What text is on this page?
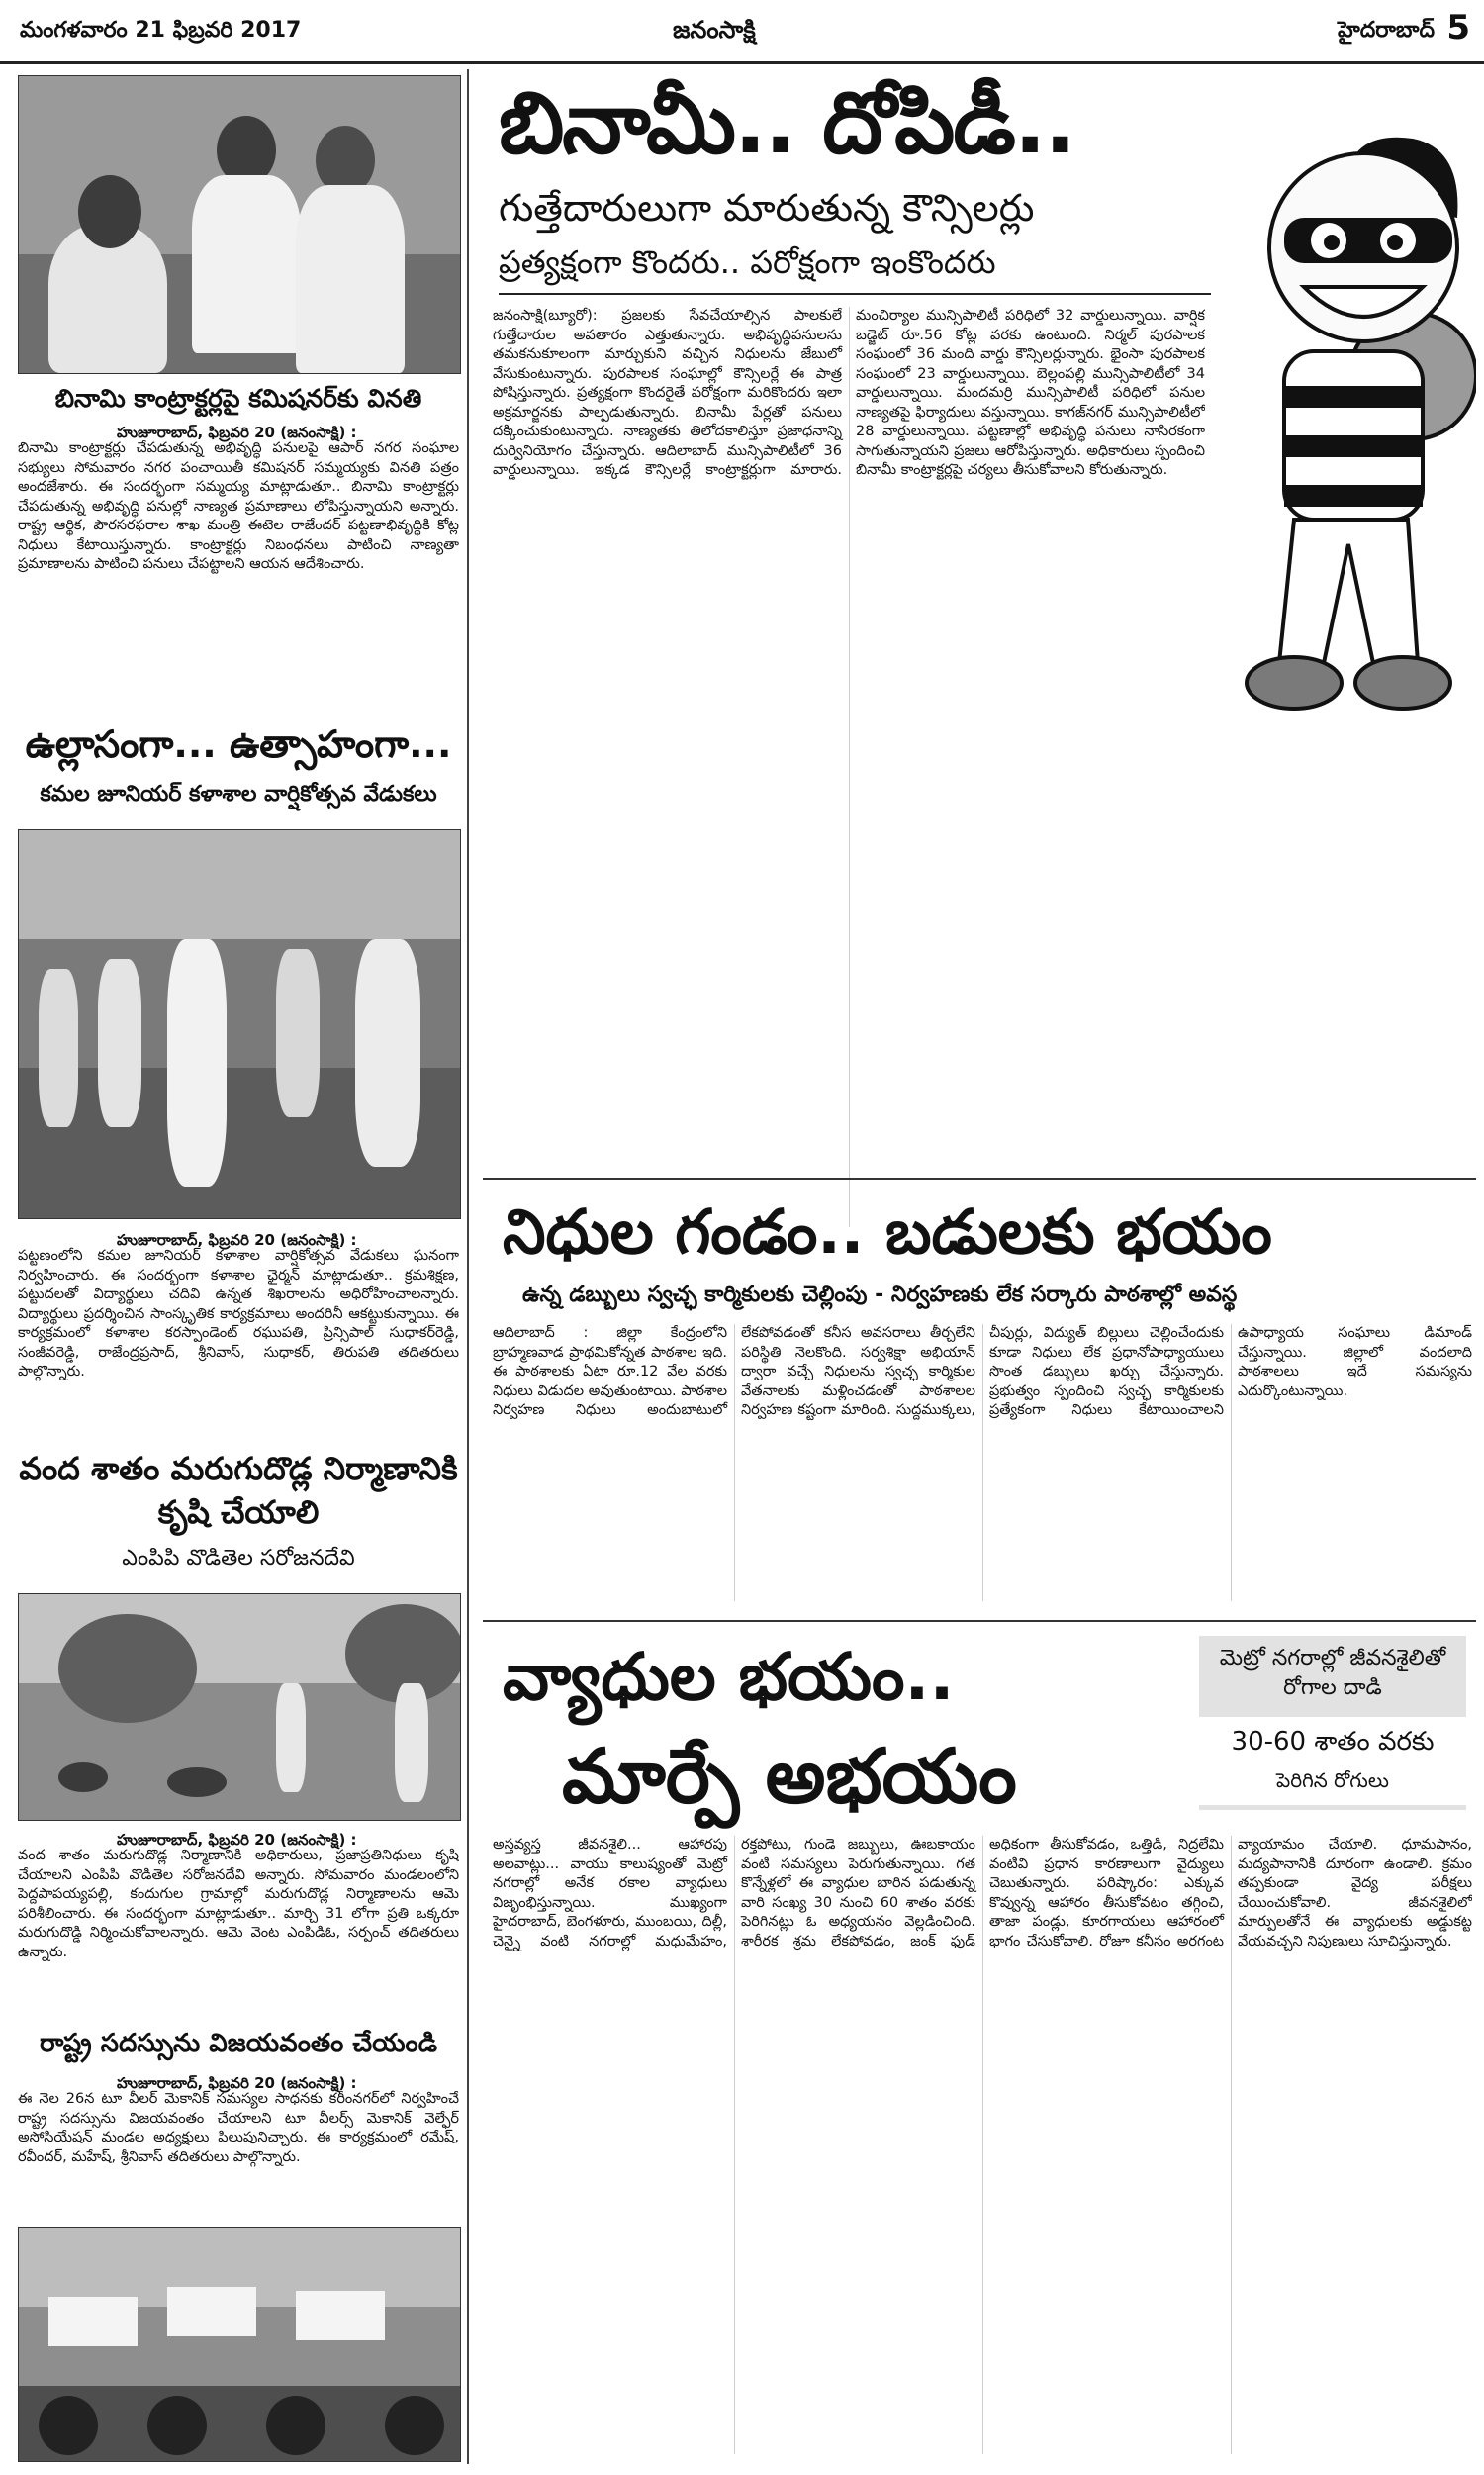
మంగళవారం 21 ఫిబ్రవరి 2017	జనంసాక్షి	హైదరాబాద్ 5
బినామి కాంట్రాక్టర్లపై కమిషనర్‌కు వినతి
హుజూరాబాద్, ఫిబ్రవరి 20 (జనంసాక్షి) :
బినామి కాంట్రాక్టర్లు చేపడుతున్న అభివృద్ధి పనులపై ఆపార్ నగర సంఘాల సభ్యులు సోమవారం నగర పంచాయితీ కమిషనర్ సమ్మయ్యకు వినతి పత్రం అందజేశారు. ఈ సందర్భంగా సమ్మయ్య మాట్లాడుతూ.. బినామి కాంట్రాక్టర్లు చేపడుతున్న అభివృద్ధి పనుల్లో నాణ్యత ప్రమాణాలు లోపిస్తున్నాయని అన్నారు. రాష్ట్ర ఆర్థిక, పౌరసరఫరాల శాఖ మంత్రి ఈటెల రాజేందర్ పట్టణాభివృద్ధికి కోట్ల నిధులు కేటాయిస్తున్నారు. కాంట్రాక్టర్లు నిబంధనలు పాటించి నాణ్యతా ప్రమాణాలను పాటించి పనులు చేపట్టాలని ఆయన ఆదేశించారు.
ఉల్లాసంగా... ఉత్సాహంగా...
కమల జూనియర్ కళాశాల వార్షికోత్సవ వేడుకలు
హుజూరాబాద్, ఫిబ్రవరి 20 (జనంసాక్షి) :
పట్టణంలోని కమల జూనియర్ కళాశాల వార్షికోత్సవ వేడుకలు ఘనంగా నిర్వహించారు. ఈ సందర్భంగా కళాశాల ఛైర్మన్ మాట్లాడుతూ.. క్రమశిక్షణ, పట్టుదలతో విద్యార్థులు చదివి ఉన్నత శిఖరాలను అధిరోహించాలన్నారు. విద్యార్థులు ప్రదర్శించిన సాంస్కృతిక కార్యక్రమాలు అందరినీ ఆకట్టుకున్నాయి. ఈ కార్యక్రమంలో కళాశాల కరస్పాండెంట్ రఘుపతి, ప్రిన్సిపాల్ సుధాకర్‌రెడ్డి, సంజీవరెడ్డి, రాజేంద్రప్రసాద్, శ్రీనివాస్, సుధాకర్, తిరుపతి తదితరులు పాల్గొన్నారు.
వంద శాతం మరుగుదొడ్ల నిర్మాణానికి కృషి చేయాలి
ఎంపిపి వొడితెల సరోజనదేవి
హుజూరాబాద్, ఫిబ్రవరి 20 (జనంసాక్షి) :
వంద శాతం మరుగుదొడ్ల నిర్మాణానికి అధికారులు, ప్రజాప్రతినిధులు కృషి చేయాలని ఎంపిపి వొడితెల సరోజనదేవి అన్నారు. సోమవారం మండలంలోని పెద్దపాపయ్యపల్లి, కందుగుల గ్రామాల్లో మరుగుదొడ్ల నిర్మాణాలను ఆమె పరిశీలించారు. ఈ సందర్భంగా మాట్లాడుతూ.. మార్చి 31 లోగా ప్రతి ఒక్కరూ మరుగుదొడ్డి నిర్మించుకోవాలన్నారు. ఆమె వెంట ఎంపిడిఓ, సర్పంచ్ తదితరులు ఉన్నారు.
రాష్ట్ర సదస్సును విజయవంతం చేయండి
హుజూరాబాద్, ఫిబ్రవరి 20 (జనంసాక్షి) :
ఈ నెల 26న టూ వీలర్ మెకానిక్ సమస్యల సాధనకు కరీంనగర్‌లో నిర్వహించే రాష్ట్ర సదస్సును విజయవంతం చేయాలని టూ వీలర్స్ మెకానిక్ వెల్ఫేర్ అసోసియేషన్ మండల అధ్యక్షులు పిలుపునిచ్చారు. ఈ కార్యక్రమంలో రమేష్, రవీందర్, మహేష్, శ్రీనివాస్ తదితరులు పాల్గొన్నారు.
బినామీ.. దోపిడీ..
గుత్తేదారులుగా మారుతున్న కౌన్సిలర్లు
ప్రత్యక్షంగా కొందరు.. పరోక్షంగా ఇంకొందరు
జనంసాక్షి(బ్యూరో): ప్రజలకు సేవచేయాల్సిన పాలకులే గుత్తేదారుల అవతారం ఎత్తుతున్నారు. అభివృద్ధిపనులను తమకనుకూలంగా మార్చుకుని వచ్చిన నిధులను జేబులో వేసుకుంటున్నారు. పురపాలక సంఘాల్లో కౌన్సిలర్లే ఈ పాత్ర పోషిస్తున్నారు. ప్రత్యక్షంగా కొందరైతే పరోక్షంగా మరికొందరు ఇలా అక్రమార్జనకు పాల్పడుతున్నారు. బినామీ పేర్లతో పనులు దక్కించుకుంటున్నారు. నాణ్యతకు తిలోదకాలిస్తూ ప్రజాధనాన్ని దుర్వినియోగం చేస్తున్నారు. ఆదిలాబాద్ మున్సిపాలిటీలో 36 వార్డులున్నాయి. ఇక్కడ కౌన్సిలర్లే కాంట్రాక్టర్లుగా మారారు. మంచిర్యాల మున్సిపాలిటీ పరిధిలో 32 వార్డులున్నాయి. వార్షిక బడ్జెట్ రూ.56 కోట్ల వరకు ఉంటుంది. నిర్మల్ పురపాలక సంఘంలో 36 మంది వార్డు కౌన్సిలర్లున్నారు. భైంసా పురపాలక సంఘంలో 23 వార్డులున్నాయి. బెల్లంపల్లి మున్సిపాలిటీలో 34 వార్డులున్నాయి. మందమర్రి మున్సిపాలిటీ పరిధిలో పనుల నాణ్యతపై ఫిర్యాదులు వస్తున్నాయి. కాగజ్‌నగర్ మున్సిపాలిటీలో 28 వార్డులున్నాయి. పట్టణాల్లో అభివృద్ధి పనులు నాసిరకంగా సాగుతున్నాయని ప్రజలు ఆరోపిస్తున్నారు. అధికారులు స్పందించి బినామీ కాంట్రాక్టర్లపై చర్యలు తీసుకోవాలని కోరుతున్నారు.
నిధుల గండం.. బడులకు భయం
ఉన్న డబ్బులు స్వచ్ఛ కార్మికులకు చెల్లింపు - నిర్వహణకు లేక సర్కారు పాఠశాల్లో అవస్థ
ఆదిలాబాద్ : జిల్లా కేంద్రంలోని బ్రాహ్మణవాడ ప్రాథమికోన్నత పాఠశాల ఇది. ఈ పాఠశాలకు ఏటా రూ.12 వేల వరకు నిధులు విడుదల అవుతుంటాయి. పాఠశాల నిర్వహణ నిధులు అందుబాటులో లేకపోవడంతో కనీస అవసరాలు తీర్చలేని పరిస్థితి నెలకొంది. సర్వశిక్షా అభియాన్ ద్వారా వచ్చే నిధులను స్వచ్ఛ కార్మికుల వేతనాలకు మళ్లించడంతో పాఠశాలల నిర్వహణ కష్టంగా మారింది. సుద్దముక్కలు, చీపుర్లు, విద్యుత్ బిల్లులు చెల్లించేందుకు కూడా నిధులు లేక ప్రధానోపాధ్యాయులు సొంత డబ్బులు ఖర్చు చేస్తున్నారు. ప్రభుత్వం స్పందించి స్వచ్ఛ కార్మికులకు ప్రత్యేకంగా నిధులు కేటాయించాలని ఉపాధ్యాయ సంఘాలు డిమాండ్ చేస్తున్నాయి. జిల్లాలో వందలాది పాఠశాలలు ఇదే సమస్యను ఎదుర్కొంటున్నాయి.
వ్యాధుల భయం..
మార్పే అభయం
మెట్రో నగరాల్లో జీవనశైలితో రోగాల దాడి
30-60 శాతం వరకు
పెరిగిన రోగులు
అస్తవ్యస్త జీవనశైలి... ఆహారపు అలవాట్లు... వాయు కాలుష్యంతో మెట్రో నగరాల్లో అనేక రకాల వ్యాధులు విజృంభిస్తున్నాయి. ముఖ్యంగా హైదరాబాద్, బెంగళూరు, ముంబయి, దిల్లీ, చెన్నై వంటి నగరాల్లో మధుమేహం, రక్తపోటు, గుండె జబ్బులు, ఊబకాయం వంటి సమస్యలు పెరుగుతున్నాయి. గత కొన్నేళ్లలో ఈ వ్యాధుల బారిన పడుతున్న వారి సంఖ్య 30 నుంచి 60 శాతం వరకు పెరిగినట్లు ఓ అధ్యయనం వెల్లడించింది. శారీరక శ్రమ లేకపోవడం, జంక్ ఫుడ్ అధికంగా తీసుకోవడం, ఒత్తిడి, నిద్రలేమి వంటివి ప్రధాన కారణాలుగా వైద్యులు చెబుతున్నారు. పరిష్కారం: ఎక్కువ కొవ్వున్న ఆహారం తీసుకోవటం తగ్గించి, తాజా పండ్లు, కూరగాయలు ఆహారంలో భాగం చేసుకోవాలి. రోజూ కనీసం అరగంట వ్యాయామం చేయాలి. ధూమపానం, మద్యపానానికి దూరంగా ఉండాలి. క్రమం తప్పకుండా వైద్య పరీక్షలు చేయించుకోవాలి. జీవనశైలిలో మార్పులతోనే ఈ వ్యాధులకు అడ్డుకట్ట వేయవచ్చని నిపుణులు సూచిస్తున్నారు.
